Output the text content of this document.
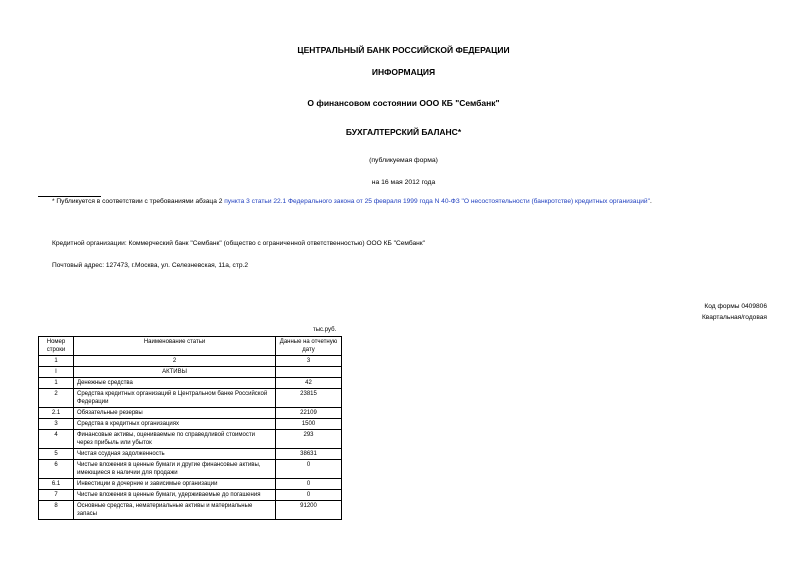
ЦЕНТРАЛЬНЫЙ БАНК РОССИЙСКОЙ ФЕДЕРАЦИИ
ИНФОРМАЦИЯ
О финансовом состоянии ООО КБ "Сембанк"
БУХГАЛТЕРСКИЙ БАЛАНС*
(публикуемая форма)
на 16 мая 2012 года
* Публикуется в соответствии с требованиями абзаца 2 пункта 3 статьи 22.1 Федерального закона от 25 февраля 1999 года N 40-ФЗ "О несостоятельности (банкротстве) кредитных организаций".
Кредитной организации: Коммерческий банк "Сембанк" (общество с ограниченной ответственностью) ООО КБ "Сембанк"
Почтовый адрес: 127473, г.Москва, ул. Селезневская, 11а, стр.2
Код формы 0409806
Квартальная/годовая
тыс.руб.
Номер строки	Наименование статьи	Данные на отчетную дату
1	2	3
I	АКТИВЫ	
1	Денежные средства	42
2	Средства кредитных организаций в Центральном банке Российской Федерации	23815
2.1	Обязательные резервы	22109
3	Средства в кредитных организациях	1500
4	Финансовые активы, оцениваемые по справедливой стоимости через прибыль или убыток	293
5	Чистая ссудная задолженность	38631
6	Чистые вложения в ценные бумаги и другие финансовые активы, имеющиеся в наличии для продажи	0
6.1	Инвестиции в дочерние и зависимые организации	0
7	Чистые вложения в ценные бумаги, удерживаемые до погашения	0
8	Основные средства, нематериальные активы и материальные запасы	91200
